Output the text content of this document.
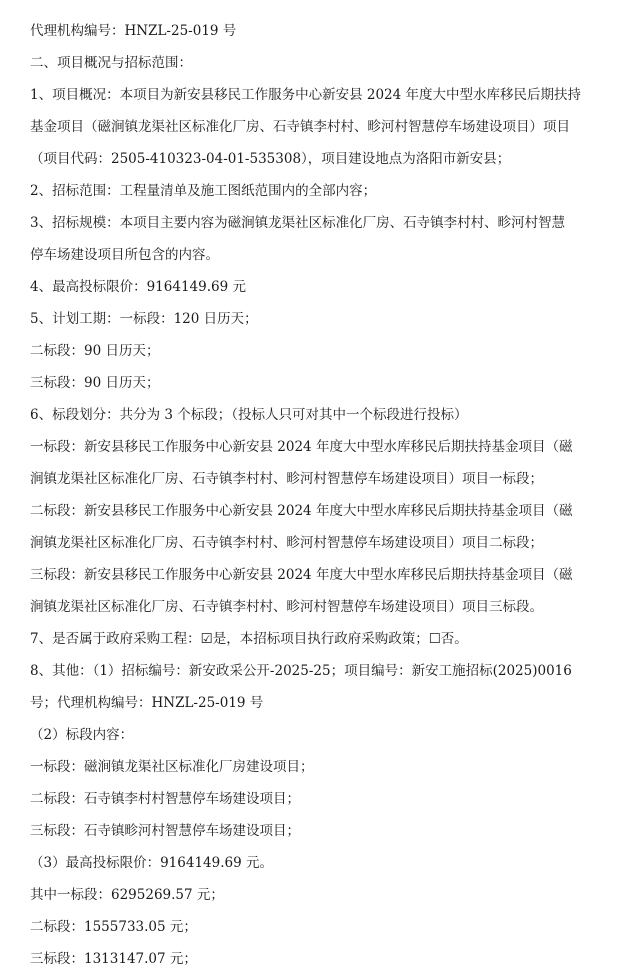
代理机构编号：HNZL-25-019 号

二、项目概况与招标范围：

1、项目概况：本项目为新安县移民工作服务中心新安县 2024 年度大中型水库移民后期扶持

基金项目（磁涧镇龙渠社区标准化厂房、石寺镇李村村、畛河村智慧停车场建设项目）项目

（项目代码：2505-410323-04-01-535308），项目建设地点为洛阳市新安县；

2、招标范围：工程量清单及施工图纸范围内的全部内容；

3、招标规模：本项目主要内容为磁涧镇龙渠社区标准化厂房、石寺镇李村村、畛河村智慧

停车场建设项目所包含的内容。

4、最高投标限价：9164149.69 元

5、计划工期：一标段：120 日历天；

二标段：90 日历天；

三标段：90 日历天；

6、标段划分：共分为 3 个标段；（投标人只可对其中一个标段进行投标）

一标段：新安县移民工作服务中心新安县 2024 年度大中型水库移民后期扶持基金项目（磁

涧镇龙渠社区标准化厂房、石寺镇李村村、畛河村智慧停车场建设项目）项目一标段；

二标段：新安县移民工作服务中心新安县 2024 年度大中型水库移民后期扶持基金项目（磁

涧镇龙渠社区标准化厂房、石寺镇李村村、畛河村智慧停车场建设项目）项目二标段；

三标段：新安县移民工作服务中心新安县 2024 年度大中型水库移民后期扶持基金项目（磁

涧镇龙渠社区标准化厂房、石寺镇李村村、畛河村智慧停车场建设项目）项目三标段。

7、是否属于政府采购工程：☑是，本招标项目执行政府采购政策；☐否。

8、其他：（1）招标编号：新安政采公开-2025-25；项目编号：新安工施招标(2025)0016

号；代理机构编号：HNZL-25-019 号

（2）标段内容：

一标段：磁涧镇龙渠社区标准化厂房建设项目；

二标段：石寺镇李村村智慧停车场建设项目；

三标段：石寺镇畛河村智慧停车场建设项目；

（3）最高投标限价：9164149.69 元。

其中一标段：6295269.57 元；

二标段：1555733.05 元；

三标段：1313147.07 元；
